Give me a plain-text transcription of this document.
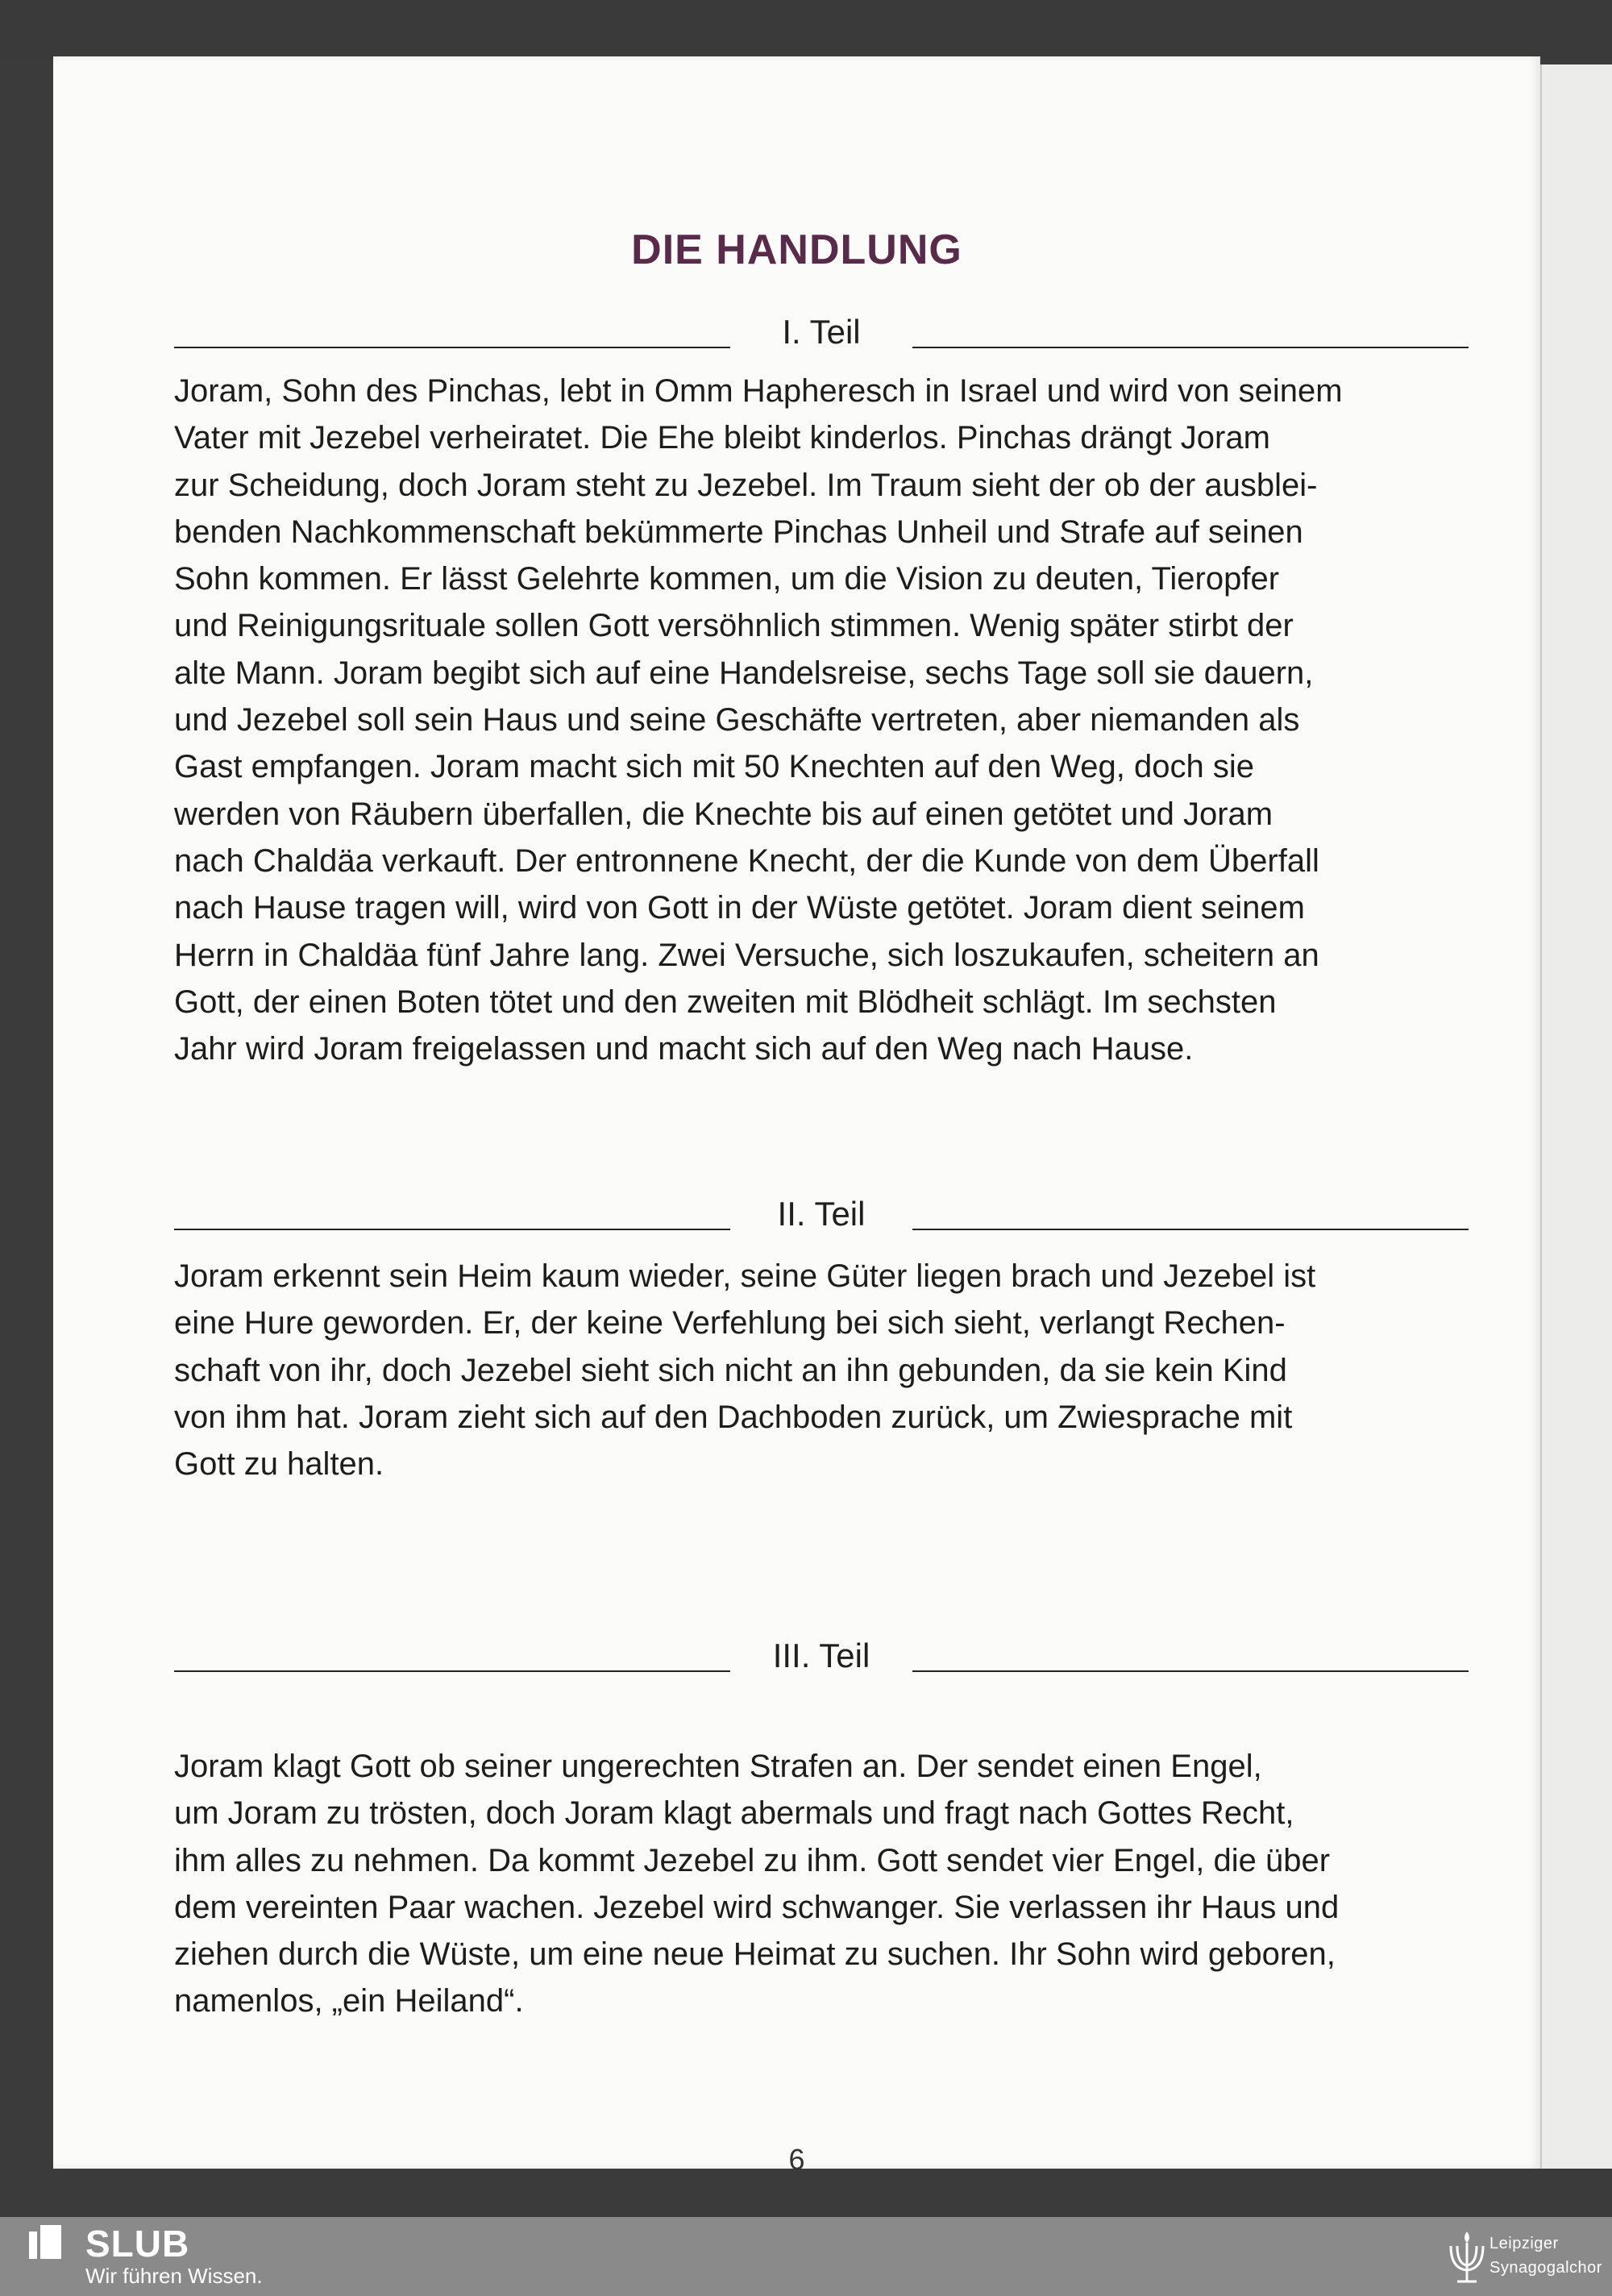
DIE HANDLUNG
I. Teil
Joram, Sohn des Pinchas, lebt in Omm Hapheresch in Israel und wird von seinem
Vater mit Jezebel verheiratet. Die Ehe bleibt kinderlos. Pinchas drängt Joram
zur Scheidung, doch Joram steht zu Jezebel. Im Traum sieht der ob der ausblei-
benden Nachkommenschaft bekümmerte Pinchas Unheil und Strafe auf seinen
Sohn kommen. Er lässt Gelehrte kommen, um die Vision zu deuten, Tieropfer
und Reinigungsrituale sollen Gott versöhnlich stimmen. Wenig später stirbt der
alte Mann. Joram begibt sich auf eine Handelsreise, sechs Tage soll sie dauern,
und Jezebel soll sein Haus und seine Geschäfte vertreten, aber niemanden als
Gast empfangen. Joram macht sich mit 50 Knechten auf den Weg, doch sie
werden von Räubern überfallen, die Knechte bis auf einen getötet und Joram
nach Chaldäa verkauft. Der entronnene Knecht, der die Kunde von dem Überfall
nach Hause tragen will, wird von Gott in der Wüste getötet. Joram dient seinem
Herrn in Chaldäa fünf Jahre lang. Zwei Versuche, sich loszukaufen, scheitern an
Gott, der einen Boten tötet und den zweiten mit Blödheit schlägt. Im sechsten
Jahr wird Joram freigelassen und macht sich auf den Weg nach Hause.
II. Teil
Joram erkennt sein Heim kaum wieder, seine Güter liegen brach und Jezebel ist
eine Hure geworden. Er, der keine Verfehlung bei sich sieht, verlangt Rechen-
schaft von ihr, doch Jezebel sieht sich nicht an ihn gebunden, da sie kein Kind
von ihm hat. Joram zieht sich auf den Dachboden zurück, um Zwiesprache mit
Gott zu halten.
III. Teil
Joram klagt Gott ob seiner ungerechten Strafen an. Der sendet einen Engel,
um Joram zu trösten, doch Joram klagt abermals und fragt nach Gottes Recht,
ihm alles zu nehmen. Da kommt Jezebel zu ihm. Gott sendet vier Engel, die über
dem vereinten Paar wachen. Jezebel wird schwanger. Sie verlassen ihr Haus und
ziehen durch die Wüste, um eine neue Heimat zu suchen. Ihr Sohn wird geboren,
namenlos, „ein Heiland“.
6
SLUB
Wir führen Wissen.
Leipziger
Synagogalchor
